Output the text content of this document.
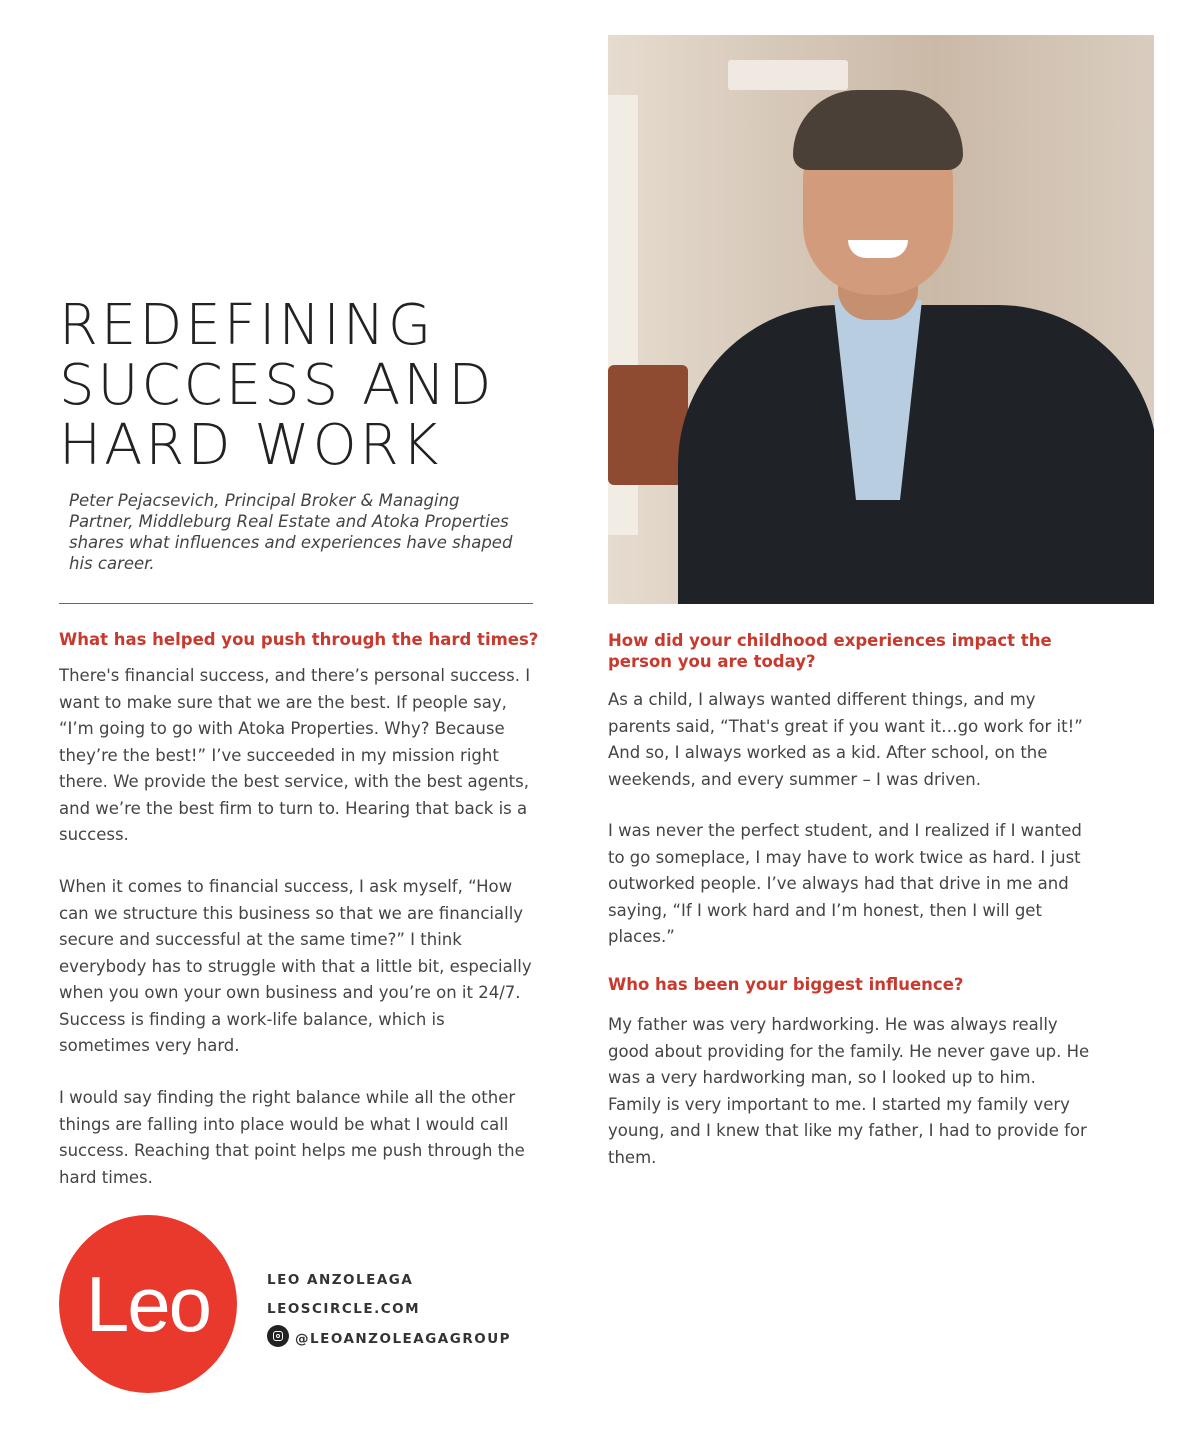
REDEFINING
SUCCESS AND
HARD WORK

Peter Pejacsevich, Principal Broker & Managing Partner, Middleburg Real Estate and Atoka Properties shares what influences and experiences have shaped his career.

What has helped you push through the hard times?

There's financial success, and there’s personal success. I want to make sure that we are the best. If people say, “I’m going to go with Atoka Properties. Why? Because they’re the best!” I’ve succeeded in my mission right there. We provide the best service, with the best agents, and we’re the best firm to turn to. Hearing that back is a success.

When it comes to financial success, I ask myself, “How can we structure this business so that we are financially secure and successful at the same time?” I think everybody has to struggle with that a little bit, especially when you own your own business and you’re on it 24/7. Success is finding a work-life balance, which is sometimes very hard.

I would say finding the right balance while all the other things are falling into place would be what I would call success. Reaching that point helps me push through the hard times.

How did your childhood experiences impact the person you are today?

As a child, I always wanted different things, and my parents said, “That's great if you want it…go work for it!” And so, I always worked as a kid. After school, on the weekends, and every summer – I was driven.

I was never the perfect student, and I realized if I wanted to go someplace, I may have to work twice as hard. I just outworked people. I’ve always had that drive in me and saying, “If I work hard and I’m honest, then I will get places.”

Who has been your biggest influence?

My father was very hardworking. He was always really good about providing for the family. He never gave up. He was a very hardworking man, so I looked up to him. Family is very important to me. I started my family very young, and I knew that like my father, I had to provide for them.

Leo	LEO ANZOLEAGA
LEOSCIRCLE.COM
@LEOANZOLEAGAGROUP
